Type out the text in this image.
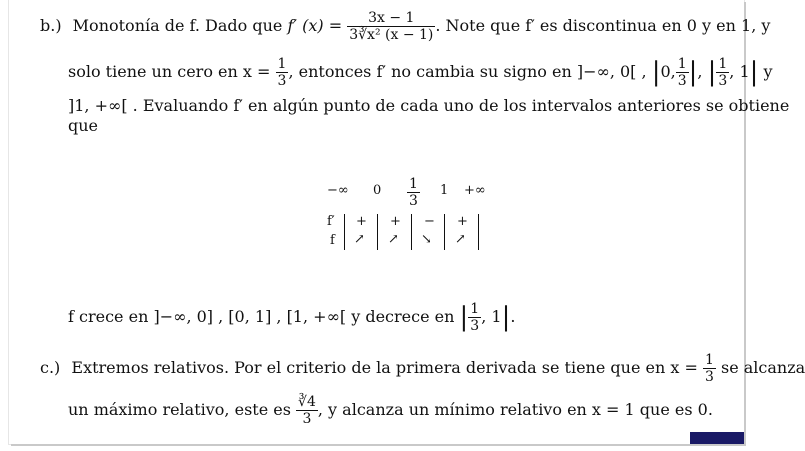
b.) Monotonía de f. Dado que f′ $(x) = \frac{3x - 1}{\text{3∛x² (x − 1)}}$ . Note que f′ es discontinua en 0 y en 1, y
solo tiene un cero en $x = \frac{1}{3}$ , entonces f′ no cambia su signo en ]−∞, 0[ , |0, $\frac{1}{3}$ |, | $\frac{1}{3}$ , 1| y
]1, +∞[ . Evaluando f′ en algún punto de cada uno de los intervalos anteriores se obtiene
que
−∞ $0 \frac{1}{3} 1$ +∞
f′
f
+ + − +
↗ ↗ ↘ ↗
f crece en ]−∞, 0] , [0, 1] , [1, +∞[ y decrece en | $\frac{1}{3}$ , 1|.
c.) Extremos relativos. Por el criterio de la primera derivada se tiene que en $x = \frac{1}{3}$ se alcanza
un máximo relativo, este es $\frac{∛4}{3}$ , y alcanza un mínimo relativo en x = 1 que es 0.
